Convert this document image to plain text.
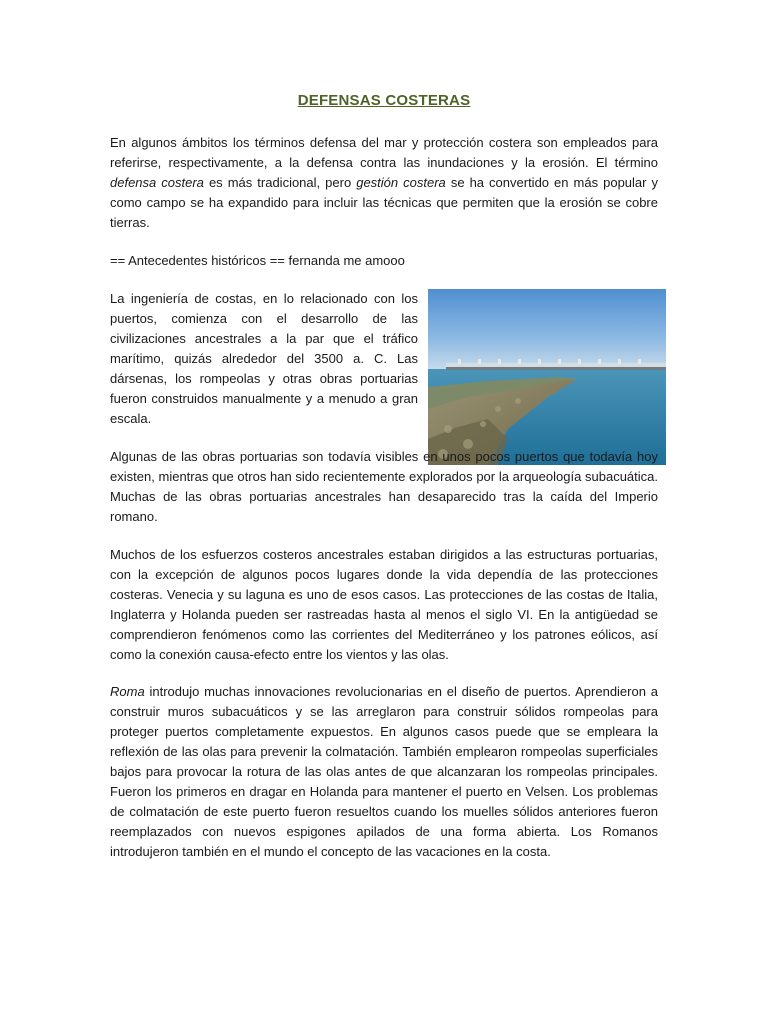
DEFENSAS COSTERAS

En algunos ámbitos los términos defensa del mar y protección costera son empleados para referirse, respectivamente, a la defensa contra las inundaciones y la erosión. El término defensa costera es más tradicional, pero gestión costera se ha convertido en más popular y como campo se ha expandido para incluir las técnicas que permiten que la erosión se cobre tierras.

== Antecedentes históricos == fernanda me amooo

La ingeniería de costas, en lo relacionado con los puertos, comienza con el desarrollo de las civilizaciones ancestrales a la par que el tráfico marítimo, quizás alrededor del 3500 a. C. Las dársenas, los rompeolas y otras obras portuarias fueron construidos manualmente y a menudo a gran escala.

Algunas de las obras portuarias son todavía visibles en unos pocos puertos que todavía hoy existen, mientras que otros han sido recientemente explorados por la arqueología subacuática. Muchas de las obras portuarias ancestrales han desaparecido tras la caída del Imperio romano.

Muchos de los esfuerzos costeros ancestrales estaban dirigidos a las estructuras portuarias, con la excepción de algunos pocos lugares donde la vida dependía de las protecciones costeras. Venecia y su laguna es uno de esos casos. Las protecciones de las costas de Italia, Inglaterra y Holanda pueden ser rastreadas hasta al menos el siglo VI. En la antigüedad se comprendieron fenómenos como las corrientes del Mediterráneo y los patrones eólicos, así como la conexión causa-efecto entre los vientos y las olas.

Roma introdujo muchas innovaciones revolucionarias en el diseño de puertos. Aprendieron a construir muros subacuáticos y se las arreglaron para construir sólidos rompeolas para proteger puertos completamente expuestos. En algunos casos puede que se empleara la reflexión de las olas para prevenir la colmatación. También emplearon rompeolas superficiales bajos para provocar la rotura de las olas antes de que alcanzaran los rompeolas principales. Fueron los primeros en dragar en Holanda para mantener el puerto en Velsen. Los problemas de colmatación de este puerto fueron resueltos cuando los muelles sólidos anteriores fueron reemplazados con nuevos espigones apilados de una forma abierta. Los Romanos introdujeron también en el mundo el concepto de las vacaciones en la costa.
